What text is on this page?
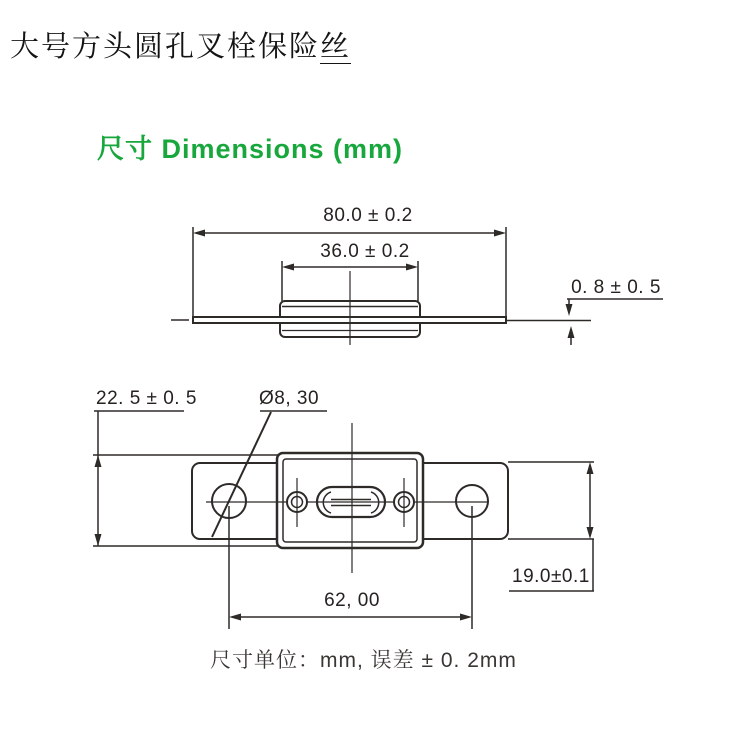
大号方头圆孔叉栓保险丝
尺寸 Dimensions (mm)
80.0 ± 0.2
36.0 ± 0.2
0. 8 ± 0. 5
22. 5 ± 0. 5	Ø8, 30
62, 00
19.0±0.1
尺寸单位：mm, 误差 ± 0. 2mm
